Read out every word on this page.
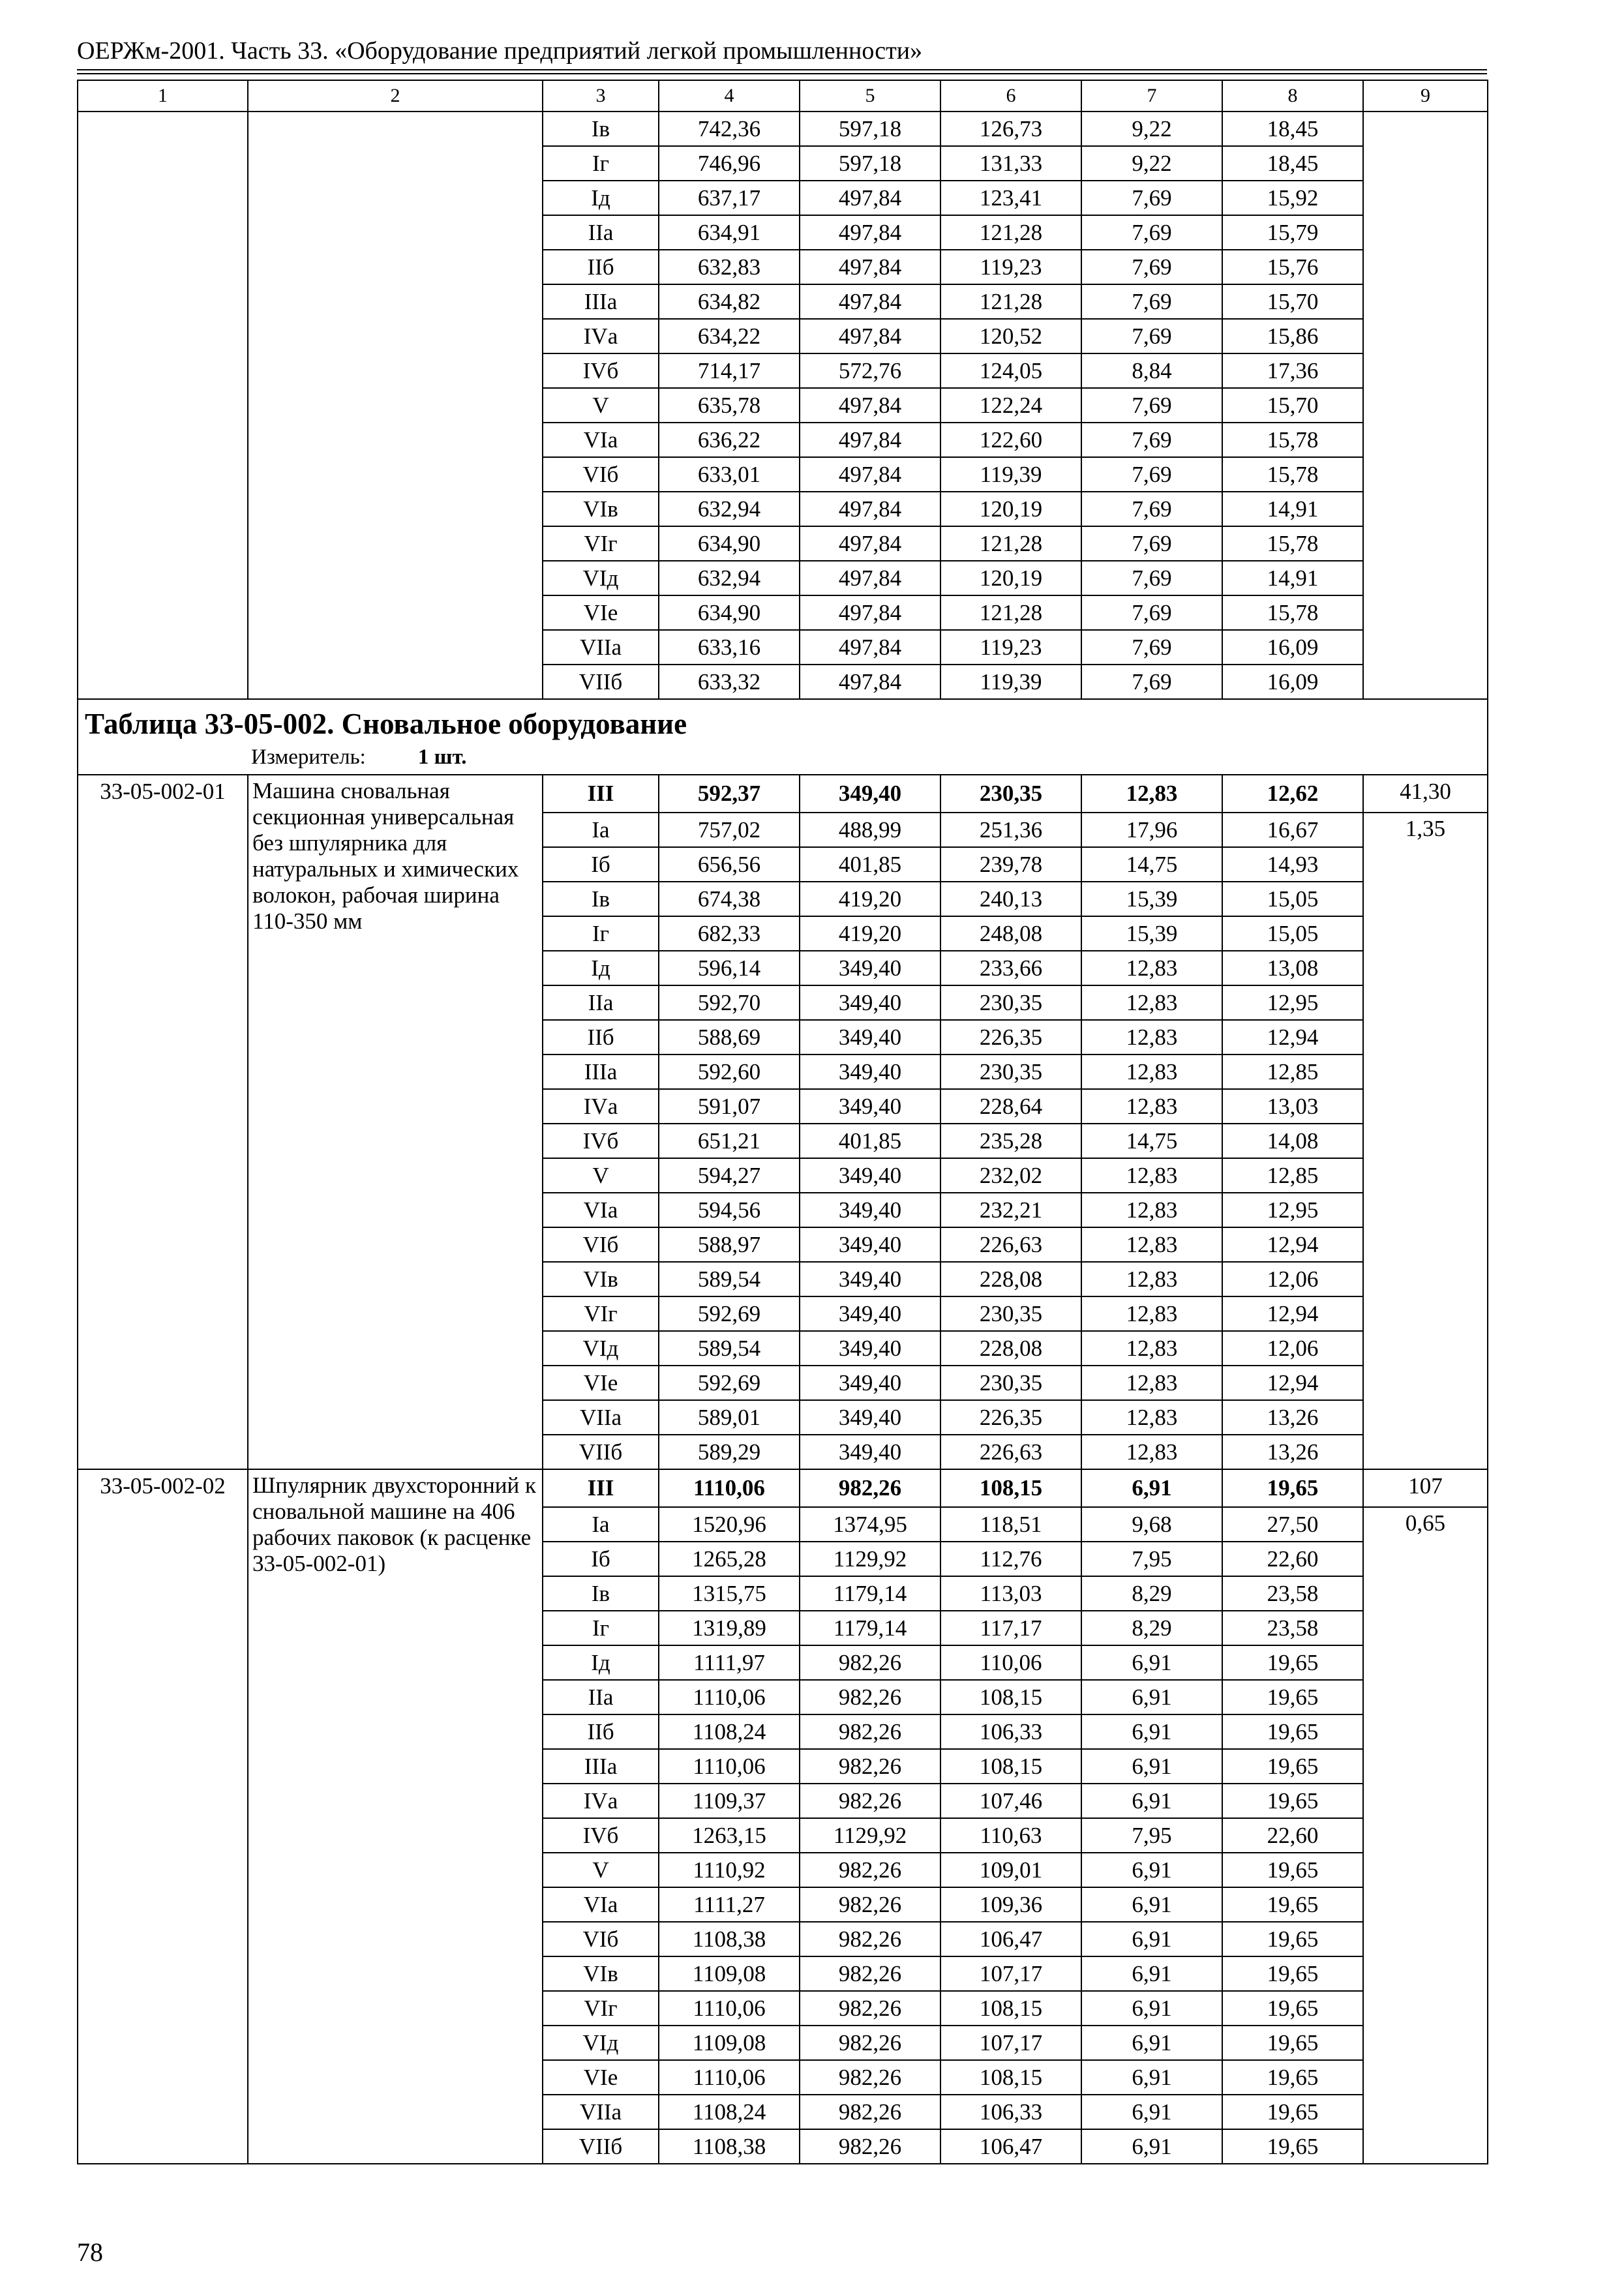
ОЕРЖм-2001. Часть 33. «Оборудование предприятий легкой промышленности»
1	2	3	4	5	6	7	8	9
		Iв	742,36	597,18	126,73	9,22	18,45	
		Iг	746,96	597,18	131,33	9,22	18,45	
		Iд	637,17	497,84	123,41	7,69	15,92	
		IIа	634,91	497,84	121,28	7,69	15,79	
		IIб	632,83	497,84	119,23	7,69	15,76	
		IIIа	634,82	497,84	121,28	7,69	15,70	
		IVа	634,22	497,84	120,52	7,69	15,86	
		IVб	714,17	572,76	124,05	8,84	17,36	
		V	635,78	497,84	122,24	7,69	15,70	
		VIа	636,22	497,84	122,60	7,69	15,78	
		VIб	633,01	497,84	119,39	7,69	15,78	
		VIв	632,94	497,84	120,19	7,69	14,91	
		VIг	634,90	497,84	121,28	7,69	15,78	
		VIд	632,94	497,84	120,19	7,69	14,91	
		VIе	634,90	497,84	121,28	7,69	15,78	
		VIIа	633,16	497,84	119,23	7,69	16,09	
		VIIб	633,32	497,84	119,39	7,69	16,09	

Таблица 33-05-002. Сновальное оборудование
Измеритель: 1 шт.								

33-05-002-01	Машина сновальная секционная универсальная без шпулярника для натуральных и химических волокон, рабочая ширина 110-350 мм	III	592,37	349,40	230,35	12,83	12,62	41,30
		Iа	757,02	488,99	251,36	17,96	16,67	1,35
		Iб	656,56	401,85	239,78	14,75	14,93	
		Iв	674,38	419,20	240,13	15,39	15,05	
		Iг	682,33	419,20	248,08	15,39	15,05	
		Iд	596,14	349,40	233,66	12,83	13,08	
		IIа	592,70	349,40	230,35	12,83	12,95	
		IIб	588,69	349,40	226,35	12,83	12,94	
		IIIа	592,60	349,40	230,35	12,83	12,85	
		IVа	591,07	349,40	228,64	12,83	13,03	
		IVб	651,21	401,85	235,28	14,75	14,08	
		V	594,27	349,40	232,02	12,83	12,85	
		VIа	594,56	349,40	232,21	12,83	12,95	
		VIб	588,97	349,40	226,63	12,83	12,94	
		VIв	589,54	349,40	228,08	12,83	12,06	
		VIг	592,69	349,40	230,35	12,83	12,94	
		VIд	589,54	349,40	228,08	12,83	12,06	
		VIе	592,69	349,40	230,35	12,83	12,94	
		VIIа	589,01	349,40	226,35	12,83	13,26	
		VIIб	589,29	349,40	226,63	12,83	13,26	
33-05-002-02	Шпулярник двухсторонний к сновальной машине на 406 рабочих паковок (к расценке 33-05-002-01)	III	1110,06	982,26	108,15	6,91	19,65	107
		Iа	1520,96	1374,95	118,51	9,68	27,50	0,65
		Iб	1265,28	1129,92	112,76	7,95	22,60	
		Iв	1315,75	1179,14	113,03	8,29	23,58	
		Iг	1319,89	1179,14	117,17	8,29	23,58	
		Iд	1111,97	982,26	110,06	6,91	19,65	
		IIа	1110,06	982,26	108,15	6,91	19,65	
		IIб	1108,24	982,26	106,33	6,91	19,65	
		IIIа	1110,06	982,26	108,15	6,91	19,65	
		IVа	1109,37	982,26	107,46	6,91	19,65	
		IVб	1263,15	1129,92	110,63	7,95	22,60	
		V	1110,92	982,26	109,01	6,91	19,65	
		VIа	1111,27	982,26	109,36	6,91	19,65	
		VIб	1108,38	982,26	106,47	6,91	19,65	
		VIв	1109,08	982,26	107,17	6,91	19,65	
		VIг	1110,06	982,26	108,15	6,91	19,65	
		VIд	1109,08	982,26	107,17	6,91	19,65	
		VIе	1110,06	982,26	108,15	6,91	19,65	
		VIIа	1108,24	982,26	106,33	6,91	19,65	
		VIIб	1108,38	982,26	106,47	6,91	19,65	
78
